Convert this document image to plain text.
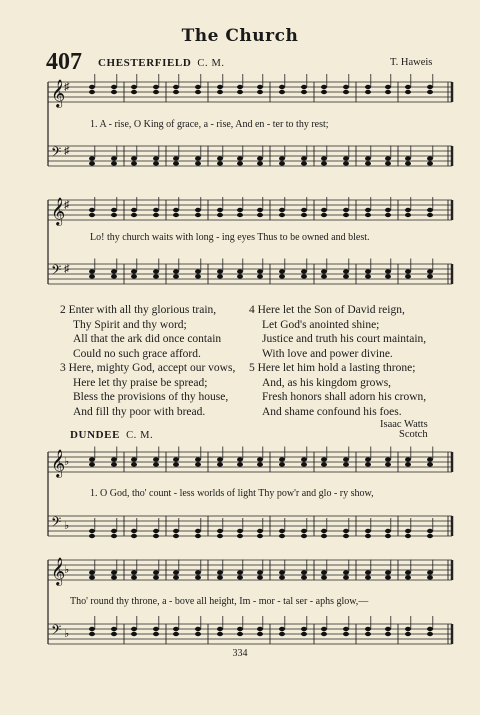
The Church
407 CHESTERFIELD C. M.	T. Haweis
𝄞
♯
𝄢 ♯
1. A - rise, O King of grace, a - rise, And en - ter to thy rest;
𝄞
♯
𝄢 ♯
Lo! thy church waits with long - ing eyes Thus to be owned and blest.
2 Enter with all thy glorious train,
Thy Spirit and thy word;
All that the ark did once contain
Could no such grace afford.
3 Here, mighty God, accept our vows,
Here let thy praise be spread;
Bless the provisions of thy house,
And fill thy poor with bread.
4 Here let the Son of David reign,
Let God's anointed shine;
Justice and truth his court maintain,
With love and power divine.
5 Here let him hold a lasting throne;
And, as his kingdom grows,
Fresh honors shall adorn his crown,
And shame confound his foes.
Isaac Watts
DUNDEE C. M.	Scotch
𝄞
♭
𝄢 ♭
1. O God, tho' count - less worlds of light Thy pow'r and glo - ry show,
𝄞
♭
𝄢 ♭
Tho' round thy throne, a - bove all height, Im - mor - tal ser - aphs glow,—
334
